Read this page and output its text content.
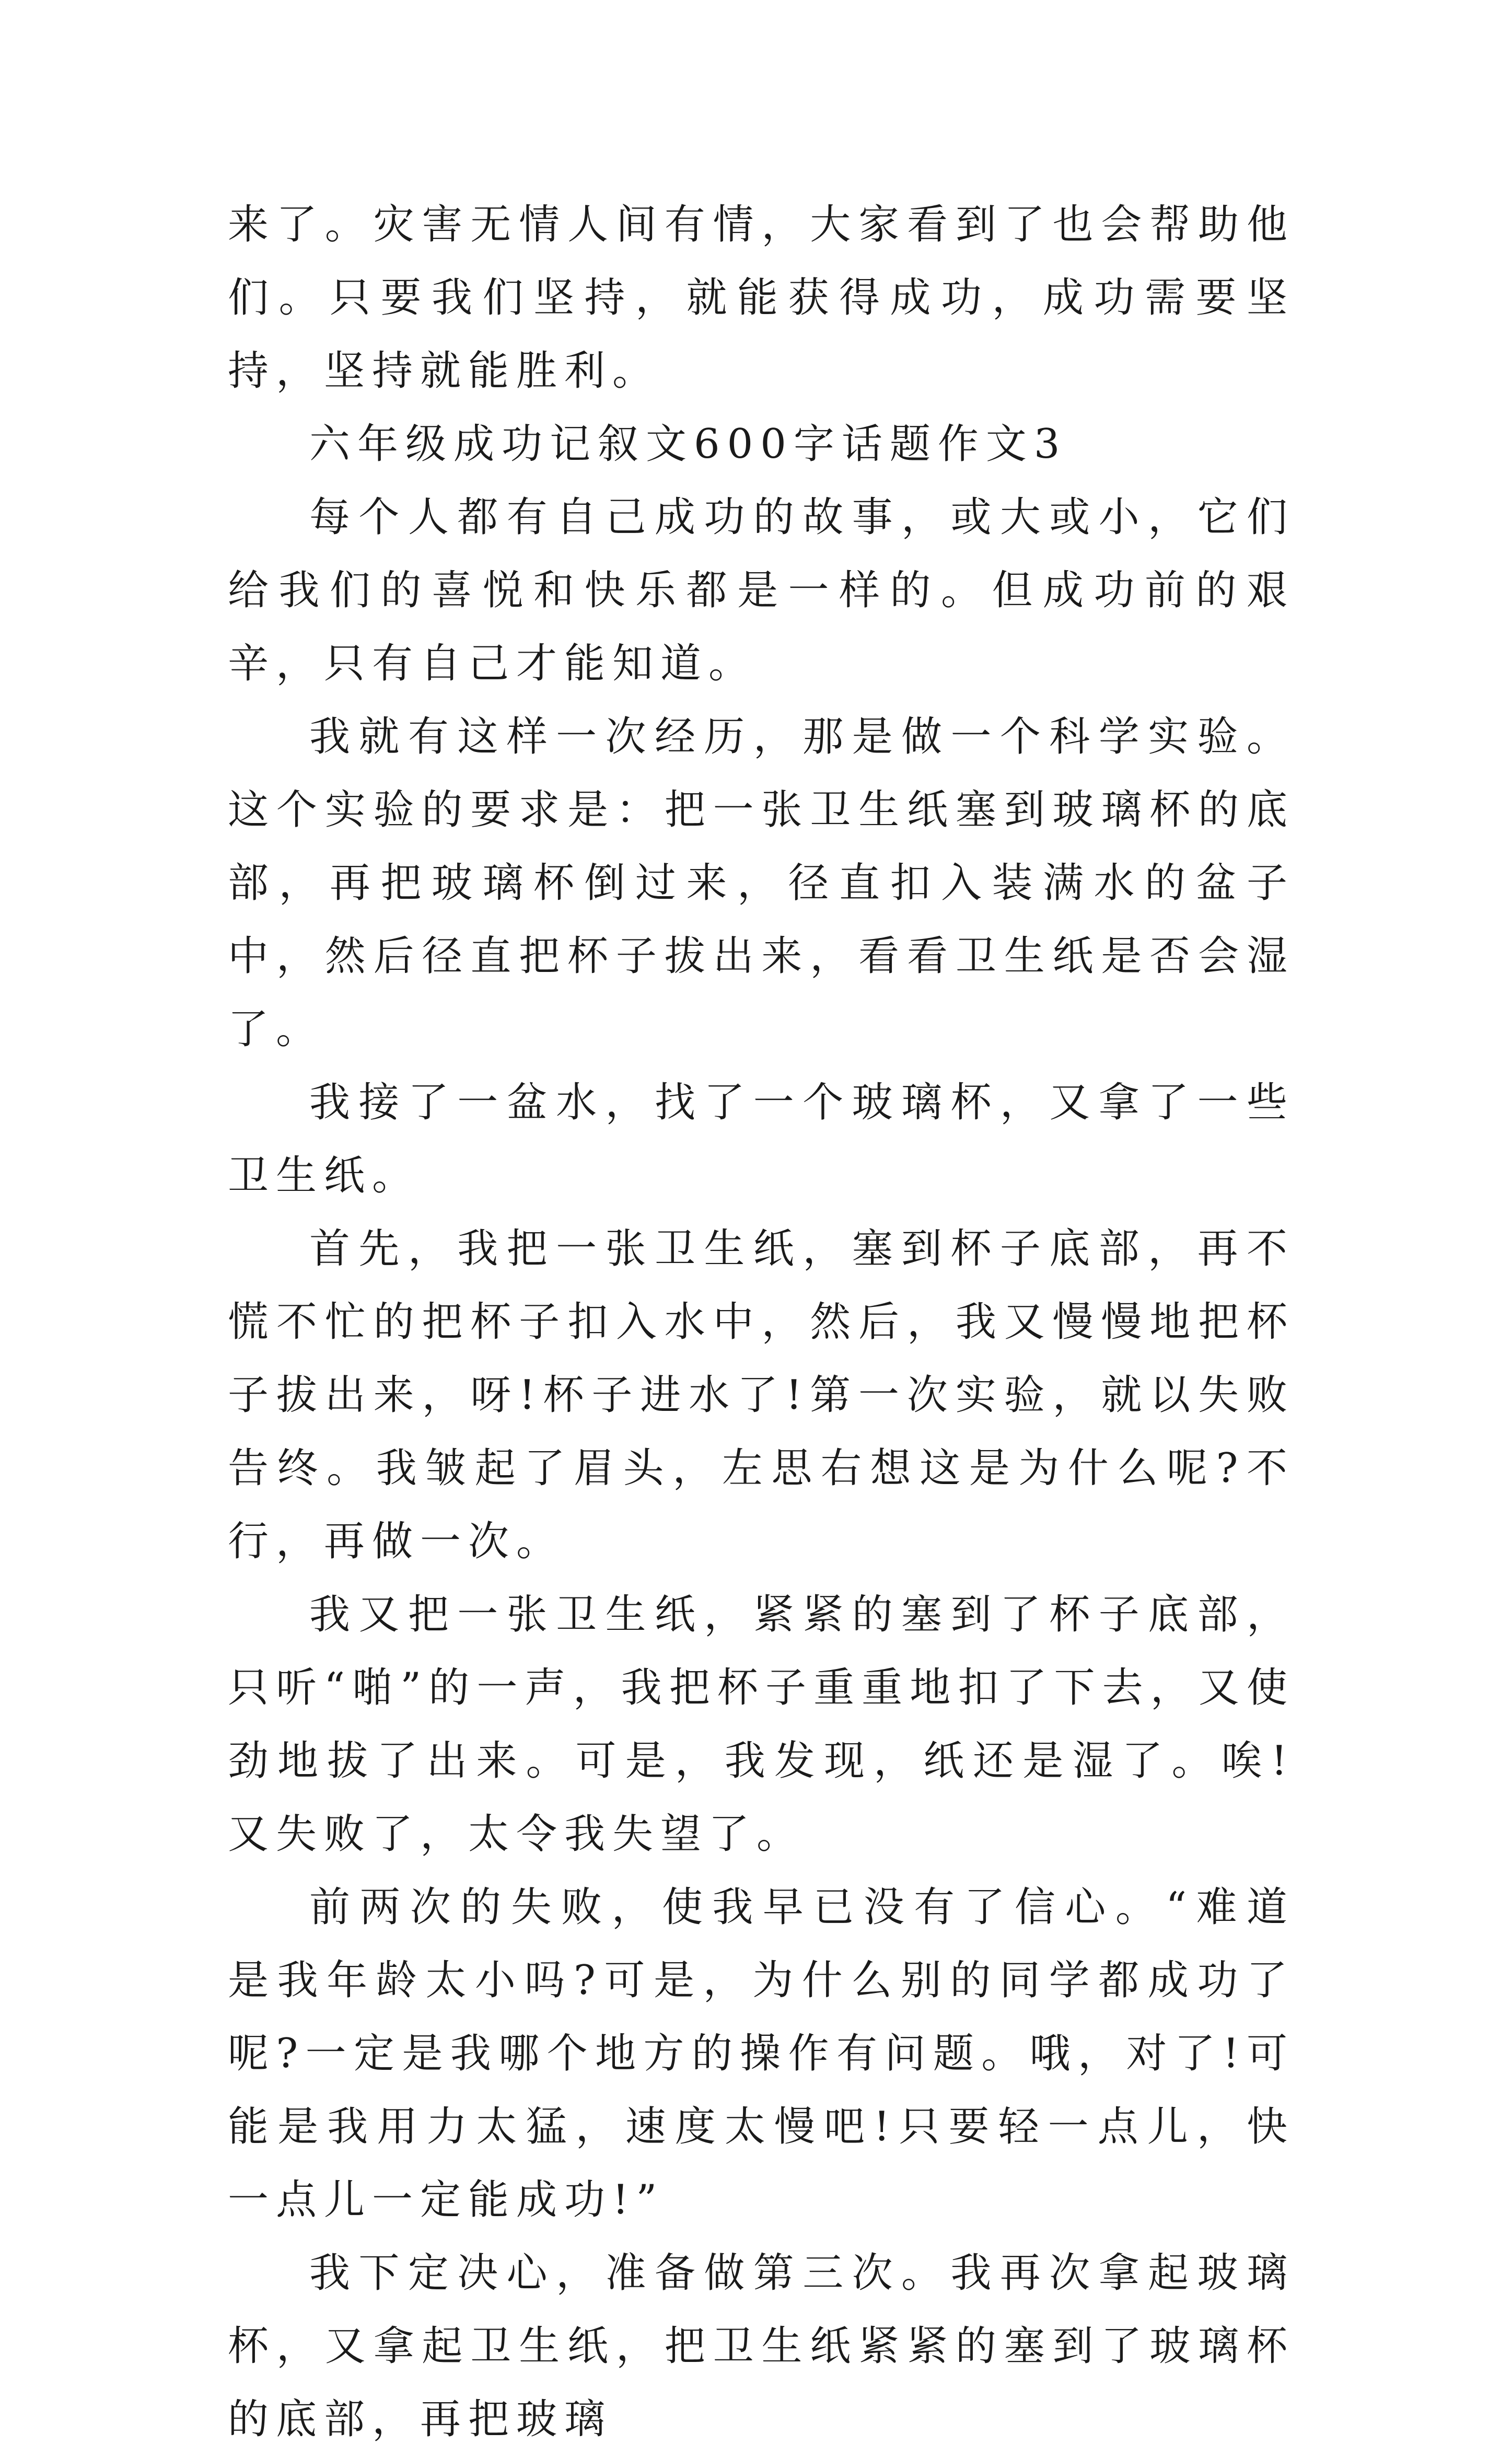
来了。灾害无情人间有情，大家看到了也会帮助他们。只要我们坚持，就能获得成功，成功需要坚持，坚持就能胜利。

六年级成功记叙文600字话题作文3

每个人都有自己成功的故事，或大或小，它们给我们的喜悦和快乐都是一样的。但成功前的艰辛，只有自己才能知道。

我就有这样一次经历，那是做一个科学实验。这个实验的要求是：把一张卫生纸塞到玻璃杯的底部，再把玻璃杯倒过来，径直扣入装满水的盆子中，然后径直把杯子拔出来，看看卫生纸是否会湿了。

我接了一盆水，找了一个玻璃杯，又拿了一些卫生纸。

首先，我把一张卫生纸，塞到杯子底部，再不慌不忙的把杯子扣入水中，然后，我又慢慢地把杯子拔出来，呀!杯子进水了!第一次实验，就以失败告终。我皱起了眉头，左思右想这是为什么呢?不行，再做一次。

我又把一张卫生纸，紧紧的塞到了杯子底部，只听“啪”的一声，我把杯子重重地扣了下去，又使劲地拔了出来。可是，我发现，纸还是湿了。唉!又失败了，太令我失望了。

前两次的失败，使我早已没有了信心。“难道是我年龄太小吗?可是，为什么别的同学都成功了呢?一定是我哪个地方的操作有问题。哦，对了!可能是我用力太猛，速度太慢吧!只要轻一点儿，快一点儿一定能成功!”

我下定决心，准备做第三次。我再次拿起玻璃杯，又拿起卫生纸，把卫生纸紧紧的塞到了玻璃杯的底部，再把玻璃
